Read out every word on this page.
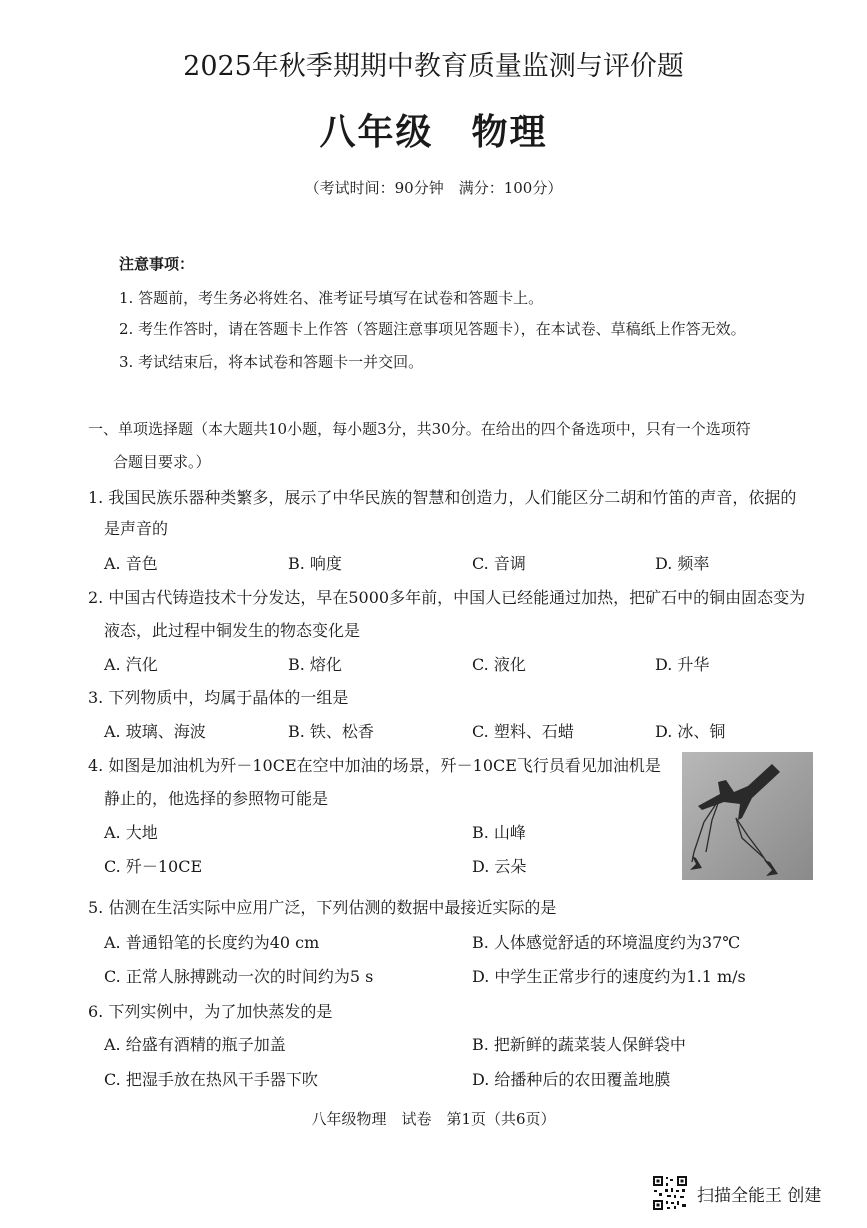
2025年秋季期期中教育质量监测与评价题
八年级　物理
（考试时间：90分钟　满分：100分）
注意事项：
1. 答题前，考生务必将姓名、准考证号填写在试卷和答题卡上。
2. 考生作答时，请在答题卡上作答（答题注意事项见答题卡），在本试卷、草稿纸上作答无效。
3. 考试结束后，将本试卷和答题卡一并交回。
一、单项选择题（本大题共10小题，每小题3分，共30分。在给出的四个备选项中，只有一个选项符
合题目要求。）
1. 我国民族乐器种类繁多，展示了中华民族的智慧和创造力，人们能区分二胡和竹笛的声音，依据的
是声音的
A. 音色	B. 响度	C. 音调	D. 频率
2. 中国古代铸造技术十分发达，早在5000多年前，中国人已经能通过加热，把矿石中的铜由固态变为
液态，此过程中铜发生的物态变化是
A. 汽化	B. 熔化	C. 液化	D. 升华
3. 下列物质中，均属于晶体的一组是
A. 玻璃、海波	B. 铁、松香	C. 塑料、石蜡	D. 冰、铜
4. 如图是加油机为歼－10CE在空中加油的场景，歼－10CE飞行员看见加油机是
静止的，他选择的参照物可能是
A. 大地	B. 山峰
C. 歼－10CE	D. 云朵
5. 估测在生活实际中应用广泛，下列估测的数据中最接近实际的是
A. 普通铅笔的长度约为40 cm	B. 人体感觉舒适的环境温度约为37℃
C. 正常人脉搏跳动一次的时间约为5 s	D. 中学生正常步行的速度约为1.1 m/s
6. 下列实例中，为了加快蒸发的是
A. 给盛有酒精的瓶子加盖	B. 把新鲜的蔬菜装人保鲜袋中
C. 把湿手放在热风干手器下吹	D. 给播种后的农田覆盖地膜
八年级物理　试卷　第1页（共6页）
扫描全能王 创建
